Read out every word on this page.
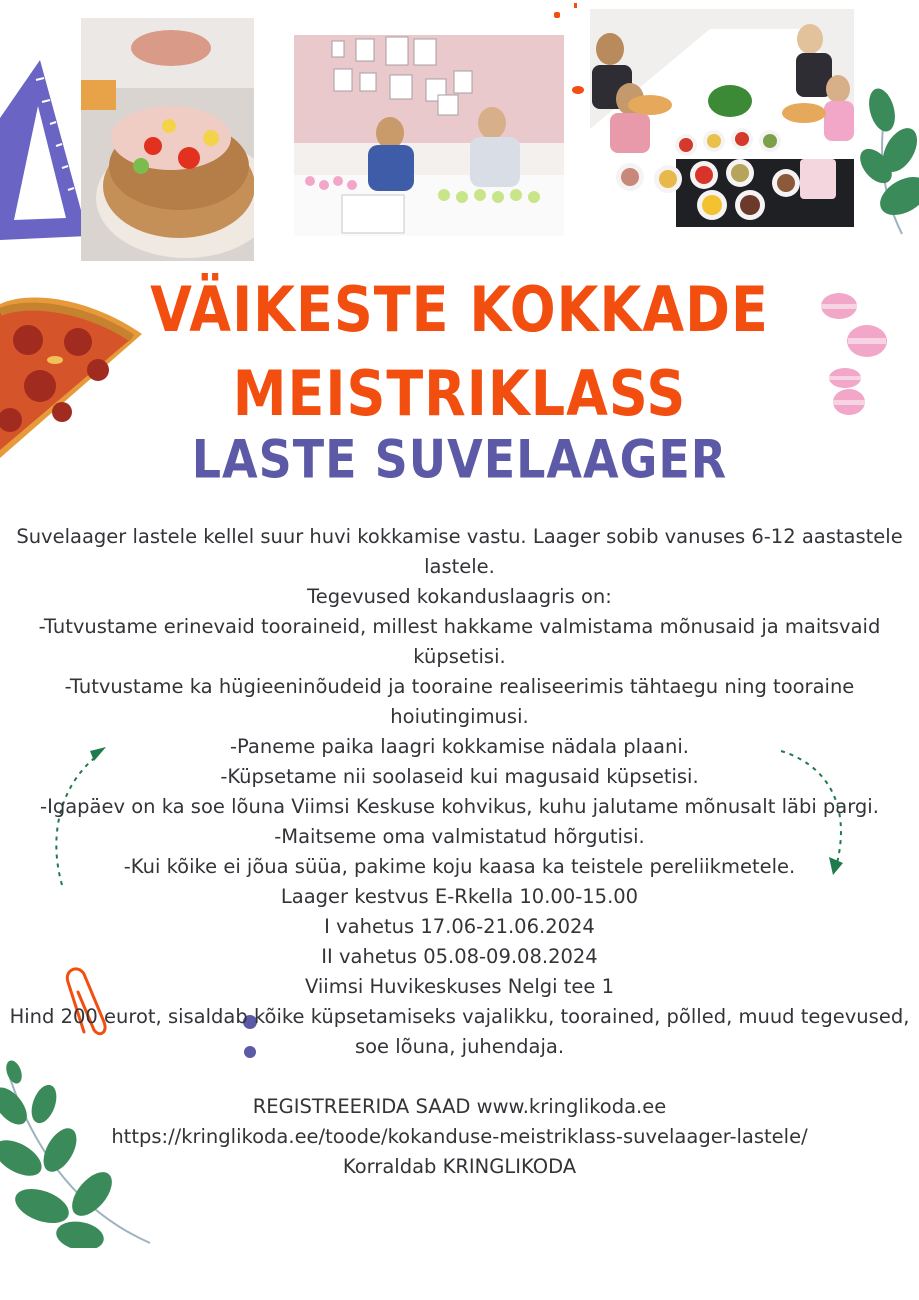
VÄIKESTE KOKKADE
MEISTRIKLASS
LASTE SUVELAAGER

Suvelaager lastele kellel suur huvi kokkamise vastu. Laager sobib vanuses 6-12 aastastele lastele.

Tegevused kokanduslaagris on:

-Tutvustame erinevaid tooraineid, millest hakkame valmistama mõnusaid ja maitsvaid küpsetisi.

-Tutvustame ka hügieeninõudeid ja tooraine realiseerimis tähtaegu ning tooraine hoiutingimusi.

-Paneme paika laagri kokkamise nädala plaani.

-Küpsetame nii soolaseid kui magusaid küpsetisi.

-Igapäev on ka soe lõuna Viimsi Keskuse kohvikus, kuhu jalutame mõnusalt läbi pargi.

-Maitseme oma valmistatud hõrgutisi.

-Kui kõike ei jõua süüa, pakime koju kaasa ka teistele pereliikmetele.

Laager kestvus E-Rkella 10.00-15.00

I vahetus 17.06-21.06.2024

II vahetus 05.08-09.08.2024

Viimsi Huvikeskuses Nelgi tee 1

Hind 200 eurot, sisaldab kõike küpsetamiseks vajalikku, toorained, põlled, muud tegevused, soe lõuna, juhendaja.

REGISTREERIDA SAAD www.kringlikoda.ee

https://kringlikoda.ee/toode/kokanduse-meistriklass-suvelaager-lastele/

Korraldab KRINGLIKODA
